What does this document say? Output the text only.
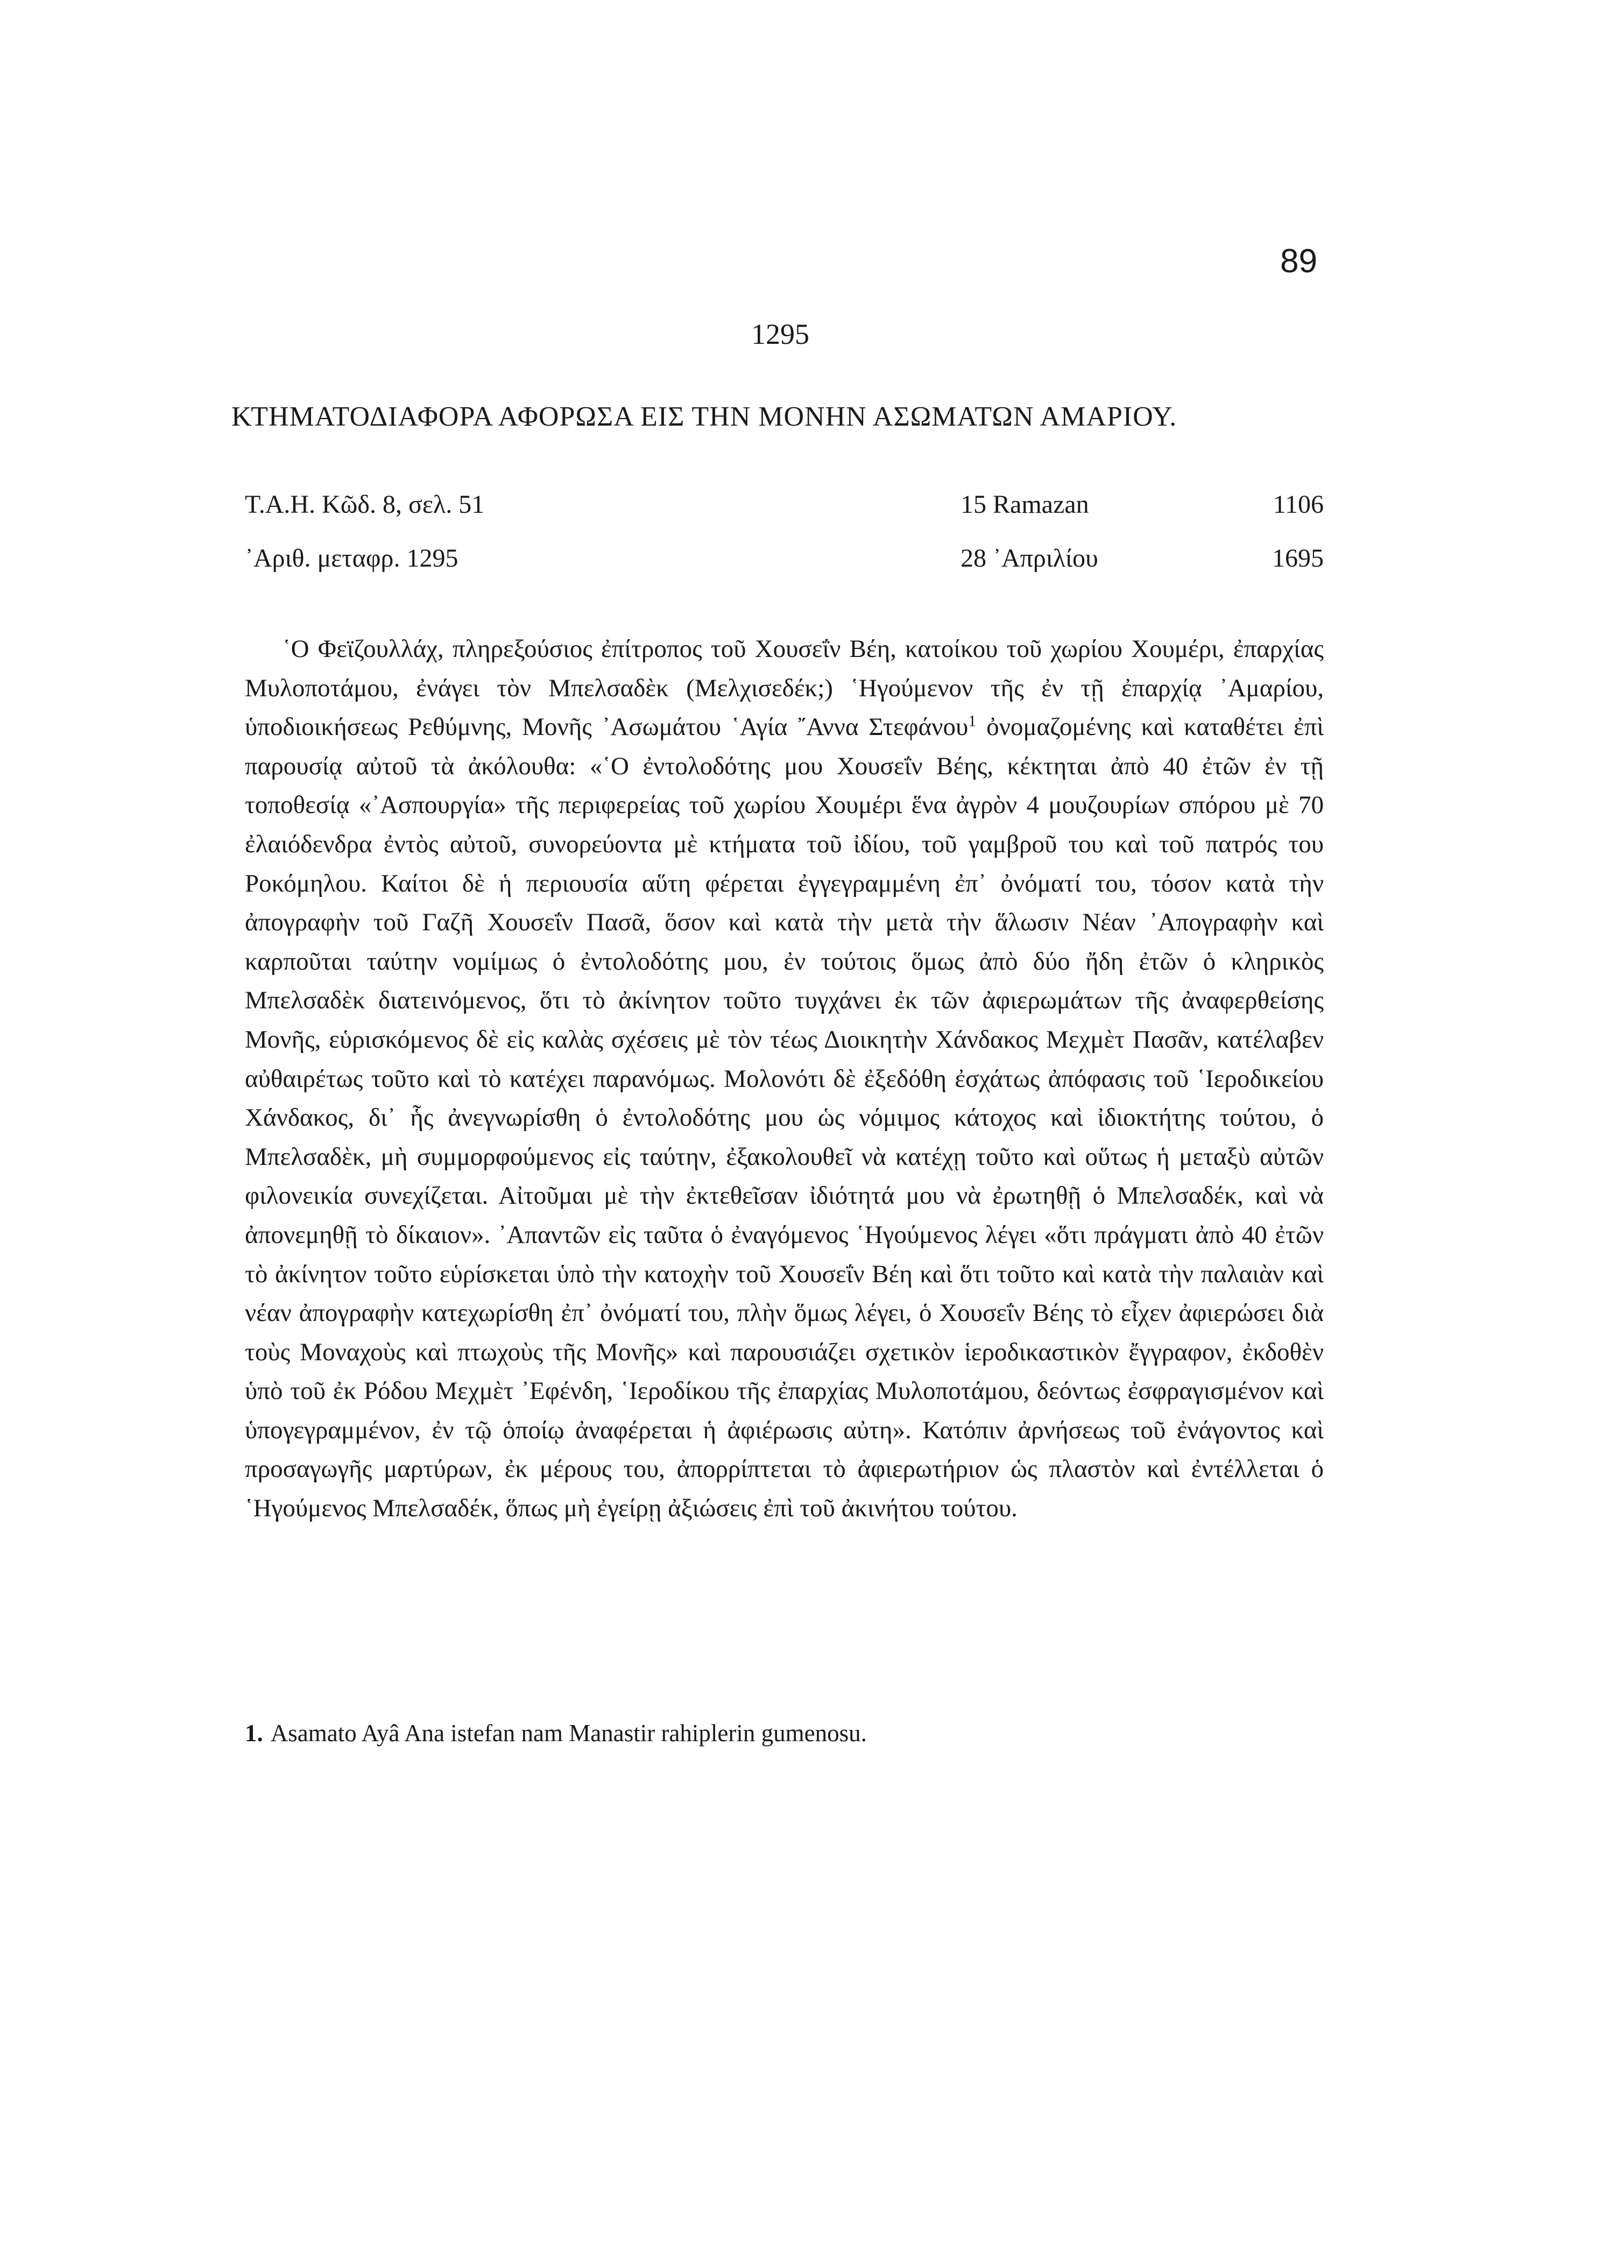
89
1295
ΚΤΗΜΑΤΟΔΙΑΦΟΡΑ ΑΦΟΡΩΣΑ ΕΙΣ ΤΗΝ ΜΟΝΗΝ ΑΣΩΜΑΤΩΝ ΑΜΑΡΙΟΥ.
Τ.Α.Η. Κῶδ. 8, σελ. 51	15 Ramazan	1106
᾿Αριθ. μεταφρ. 1295	28 ᾿Απριλίου	1695

῾Ο Φεϊζουλλάχ, πληρεξούσιος ἐπίτροπος τοῦ Χουσεΐν Βέη, κατοίκου τοῦ χωρίου Χουμέρι, ἐπαρχίας Μυλοποτάμου, ἐνάγει τὸν Μπελσαδὲκ (Μελχισεδέκ;) ῾Ηγούμενον τῆς ἐν τῇ ἐπαρχίᾳ ᾿Αμαρίου, ὑποδιοικήσεως Ρεθύμνης, Μονῆς ᾿Ασωμάτου ῾Αγία ῎Αννα Στεφάνου$^1$ ὀνομαζομένης καὶ καταθέτει ἐπὶ παρουσίᾳ αὐτοῦ τὰ ἀκόλουθα: «῾Ο ἐντολοδότης μου Χουσεΐν Βέης, κέκτηται ἀπὸ 40 ἐτῶν ἐν τῇ τοποθεσίᾳ «᾿Ασπουργία» τῆς περιφερείας τοῦ χωρίου Χουμέρι ἕνα ἀγρὸν 4 μουζουρίων σπόρου μὲ 70 ἐλαιόδενδρα ἐντὸς αὐτοῦ, συνορεύοντα μὲ κτήματα τοῦ ἰδίου, τοῦ γαμβροῦ του καὶ τοῦ πατρός του Ροκόμηλου. Καίτοι δὲ ἡ περιουσία αὕτη φέρεται ἐγγεγραμμένη ἐπ᾿ ὀνόματί του, τόσον κατὰ τὴν ἀπογραφὴν τοῦ Γαζῆ Χουσεΐν Πασᾶ, ὅσον καὶ κατὰ τὴν μετὰ τὴν ἅλωσιν Νέαν ᾿Απογραφὴν καὶ καρποῦται ταύτην νομίμως ὁ ἐντολοδότης μου, ἐν τούτοις ὅμως ἀπὸ δύο ἤδη ἐτῶν ὁ κληρικὸς Μπελσαδὲκ διατεινόμενος, ὅτι τὸ ἀκίνητον τοῦτο τυγχάνει ἐκ τῶν ἀφιερωμάτων τῆς ἀναφερθείσης Μονῆς, εὑρισκόμενος δὲ εἰς καλὰς σχέσεις μὲ τὸν τέως Διοικητὴν Χάνδακος Μεχμὲτ Πασᾶν, κατέλαβεν αὐθαιρέτως τοῦτο καὶ τὸ κατέχει παρανόμως. Μολονότι δὲ ἐξεδόθη ἐσχάτως ἀπόφασις τοῦ ῾Ιεροδικείου Χάνδακος, δι᾿ ἧς ἀνεγνωρίσθη ὁ ἐντολοδότης μου ὡς νόμιμος κάτοχος καὶ ἰδιοκτήτης τούτου, ὁ Μπελσαδὲκ, μὴ συμμορφούμενος εἰς ταύτην, ἐξακολουθεῖ νὰ κατέχῃ τοῦτο καὶ οὕτως ἡ μεταξὺ αὐτῶν φιλονεικία συνεχίζεται. Αἰτοῦμαι μὲ τὴν ἐκτεθεῖσαν ἰδιότητά μου νὰ ἐρωτηθῇ ὁ Μπελσαδέκ, καὶ νὰ ἀπονεμηθῇ τὸ δίκαιον». ᾿Απαντῶν εἰς ταῦτα ὁ ἐναγόμενος ῾Ηγούμενος λέγει «ὅτι πράγματι ἀπὸ 40 ἐτῶν τὸ ἀκίνητον τοῦτο εὑρίσκεται ὑπὸ τὴν κατοχὴν τοῦ Χουσεΐν Βέη καὶ ὅτι τοῦτο καὶ κατὰ τὴν παλαιὰν καὶ νέαν ἀπογραφὴν κατεχωρίσθη ἐπ᾿ ὀνόματί του, πλὴν ὅμως λέγει, ὁ Χουσεΐν Βέης τὸ εἶχεν ἀφιερώσει διὰ τοὺς Μοναχοὺς καὶ πτωχοὺς τῆς Μονῆς» καὶ παρουσιάζει σχετικὸν ἱεροδικαστικὸν ἔγγραφον, ἐκδοθὲν ὑπὸ τοῦ ἐκ Ρόδου Μεχμὲτ ᾿Εφένδη, ῾Ιεροδίκου τῆς ἐπαρχίας Μυλοποτάμου, δεόντως ἐσφραγισμένον καὶ ὑπογεγραμμένον, ἐν τῷ ὁποίῳ ἀναφέρεται ἡ ἀφιέρωσις αὐτη». Κατόπιν ἀρνήσεως τοῦ ἐνάγοντος καὶ προσαγωγῆς μαρτύρων, ἐκ μέρους του, ἀπορρίπτεται τὸ ἀφιερωτήριον ὡς πλαστὸν καὶ ἐντέλλεται ὁ ῾Ηγούμενος Μπελσαδέκ, ὅπως μὴ ἐγείρῃ ἀξιώσεις ἐπὶ τοῦ ἀκινήτου τούτου.

1. Asamato Ayâ Ana istefan nam Manastir rahiplerin gumenosu.
